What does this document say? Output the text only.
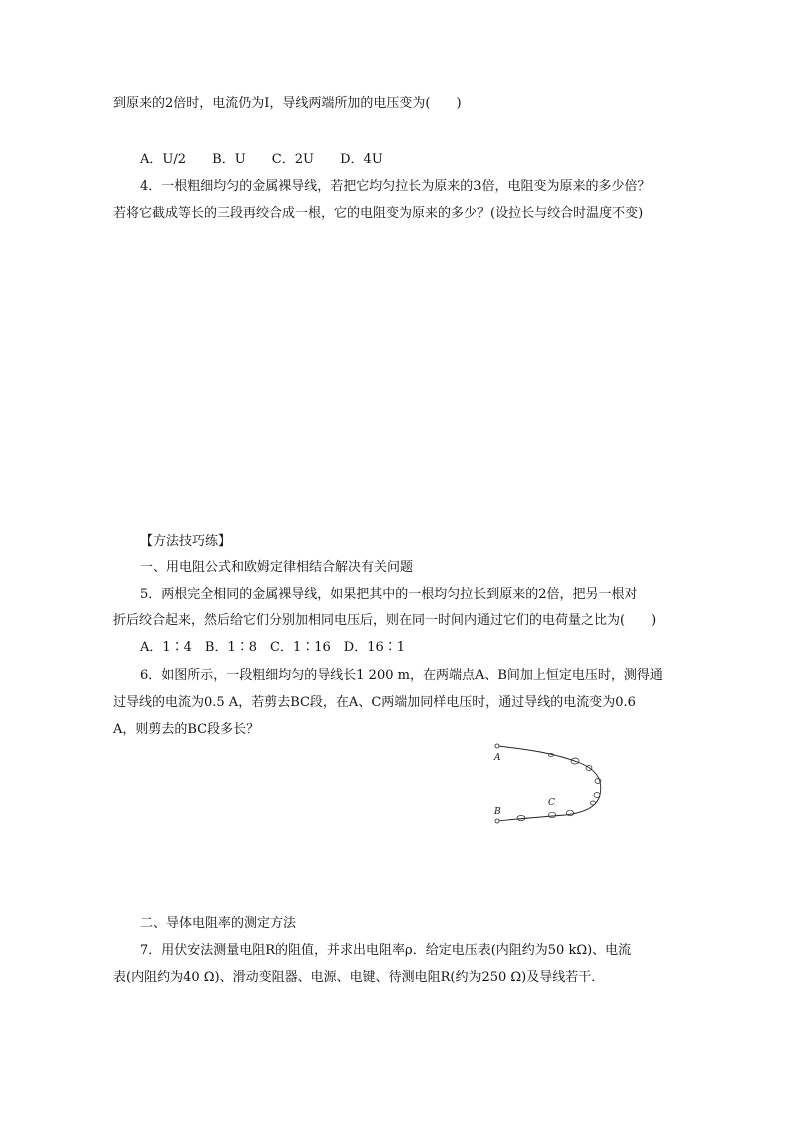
到原来的2倍时，电流仍为I，导线两端所加的电压变为(　　)
A．U/2 B．U C．2U D．4U
4．一根粗细均匀的金属裸导线，若把它均匀拉长为原来的3倍，电阻变为原来的多少倍？
若将它截成等长的三段再绞合成一根，它的电阻变为原来的多少？(设拉长与绞合时温度不变)
【方法技巧练】
一、用电阻公式和欧姆定律相结合解决有关问题
5．两根完全相同的金属裸导线，如果把其中的一根均匀拉长到原来的2倍，把另一根对
折后绞合起来，然后给它们分别加相同电压后，则在同一时间内通过它们的电荷量之比为(　　)
A．1∶4　B．1∶8　C．1∶16　D．16∶1
6．如图所示，一段粗细均匀的导线长1 200 m，在两端点A、B间加上恒定电压时，测得通
过导线的电流为0.5 A，若剪去BC段，在A、C两端加同样电压时，通过导线的电流变为0.6
A，则剪去的BC段多长？
A
B
C
二、导体电阻率的测定方法
7．用伏安法测量电阻R的阻值，并求出电阻率ρ．给定电压表(内阻约为50 kΩ)、电流
表(内阻约为40 Ω)、滑动变阻器、电源、电键、待测电阻R(约为250 Ω)及导线若干．
